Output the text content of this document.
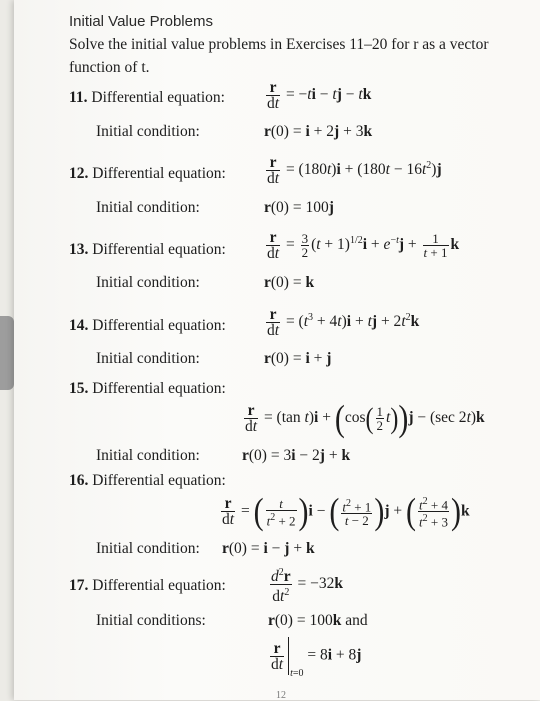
Initial Value Problems
Solve the initial value problems in Exercises 11–20 for r as a vector
function of t.
11. Differential equation:	$\frac{r}{dt} = -ti$ − tj − tk
Initial condition:	r(0) = i + 2j + 3k
12. Differential equation:	$\frac{r}{dt} = (180t)i + (180t - 16t^2)j$
Initial condition:	r(0) = 100j
13. Differential equation:	$\frac{r}{dt} = \frac{3}{2} (t + 1)^{1/2}i + e^{-t}j + \frac{1}{t + 1}$ k
Initial condition:	r(0) = k
14. Differential equation:	$\frac{r}{dt} = (t^3 + 4t)i$ + tj + $2t^2k$
Initial condition:	r(0) = i + j
15. Differential equation:
$\frac{r}{dt} = (\tan$ $t)i + (\cos( \frac{1}{2} t))j - (\sec$ 2t)k
Initial condition:	r(0) = 3i − 2j + k
16. Differential equation:
$\frac{r}{dt}$ = ( $\frac{t}{t^2 + 2} )i$ − ( $\frac{t^2 + 1}{t - 2} )j$ + ( $\frac{t^2 + 4}{t^2 + 3} )k$
Initial condition: r(0) = i − j + k
17. Differential equation:	$\frac{d^2r}{dt^2} = -32k$
Initial conditions:	r(0) = 100k and
$\frac{r}{dt}$
$_{t=0}$ = 8i + 8j
12
